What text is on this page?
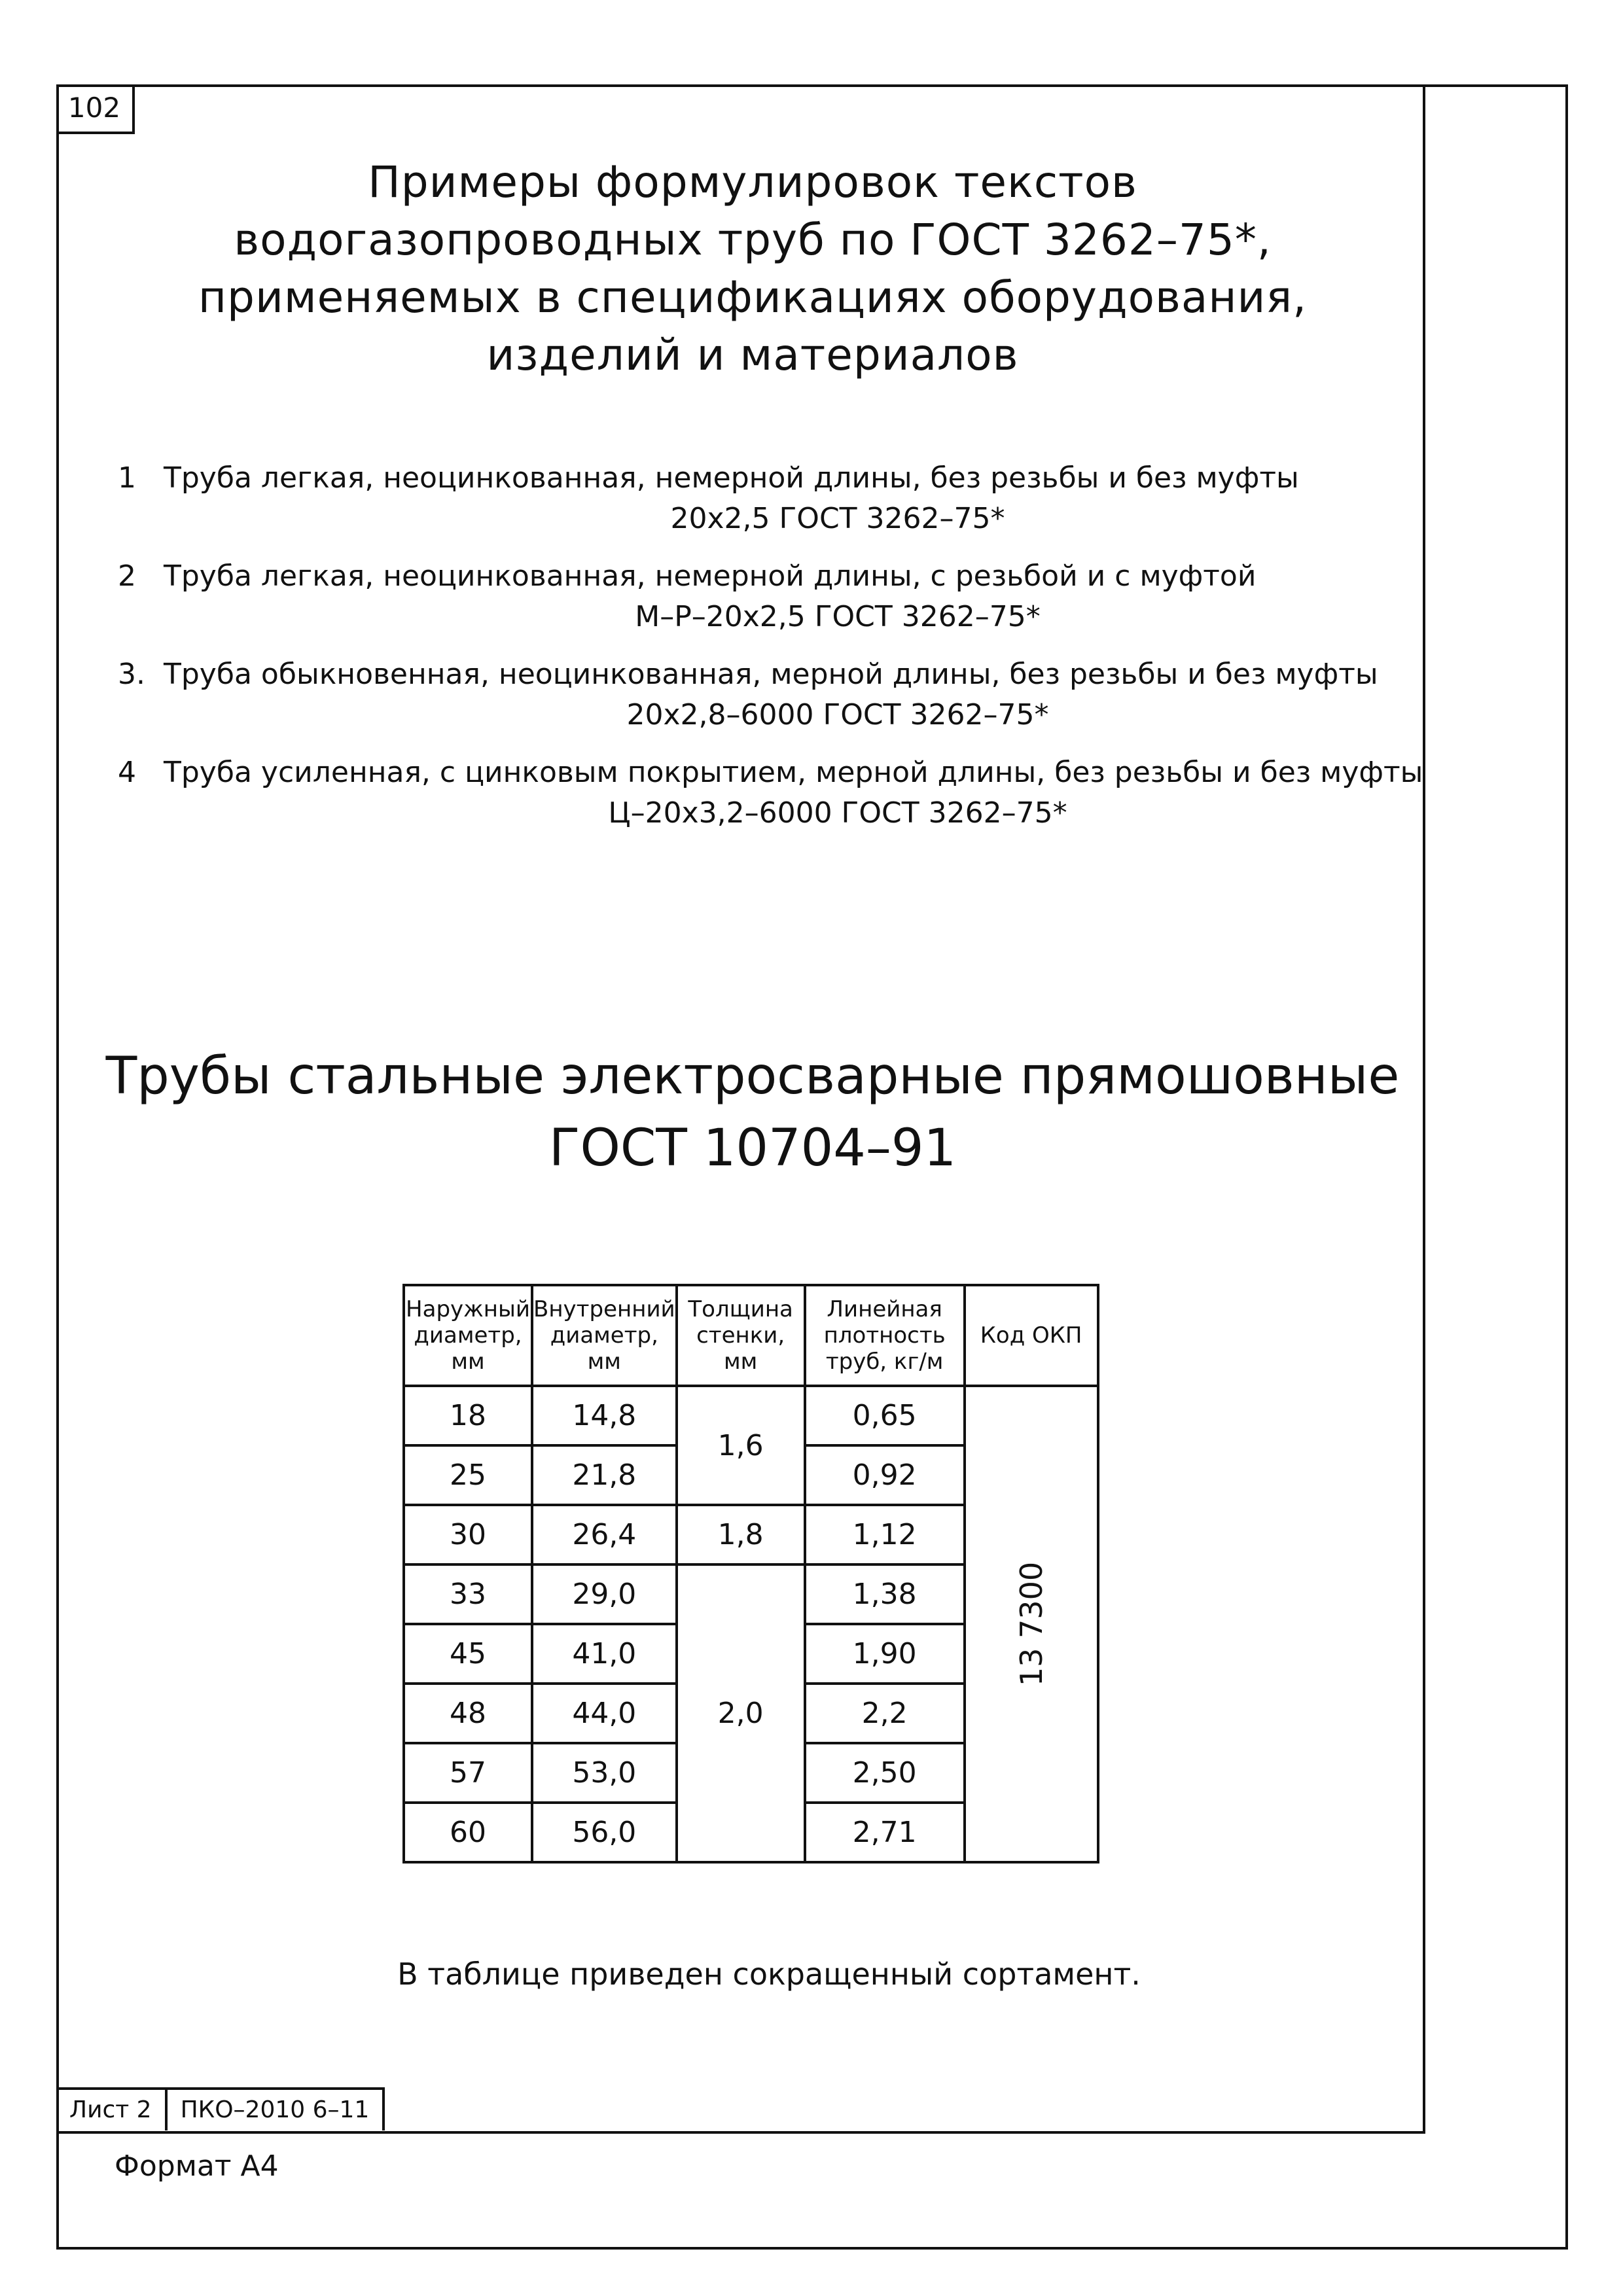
102
Примеры формулировок текстов
водогазопроводных труб по ГОСТ 3262–75*,
применяемых в спецификациях оборудования,
изделий и материалов
1 Труба легкая, неоцинкованная, немерной длины, без резьбы и без муфты
20x2,5 ГОСТ 3262–75*
2 Труба легкая, неоцинкованная, немерной длины, с резьбой и с муфтой
М–Р–20x2,5 ГОСТ 3262–75*
3. Труба обыкновенная, неоцинкованная, мерной длины, без резьбы и без муфты
20x2,8–6000 ГОСТ 3262–75*
4 Труба усиленная, с цинковым покрытием, мерной длины, без резьбы и без муфты
Ц–20x3,2–6000 ГОСТ 3262–75*
Трубы стальные электросварные прямошовные
ГОСТ 10704–91
Наружный диаметр, мм	Внутренний диаметр, мм	Толщина стенки, мм	Линейная плотность труб, кг/м	Код ОКП
18	14,8	1,6	0,65	13 7300
25	21,8		0,92	
30	26,4	1,8	1,12	
33	29,0	2,0	1,38	
45	41,0		1,90	
48	44,0		2,2	
57	53,0		2,50	
60	56,0		2,71	
В таблице приведен сокращенный сортамент.
Лист 2	ПКО–2010 6–11
Формат А4
